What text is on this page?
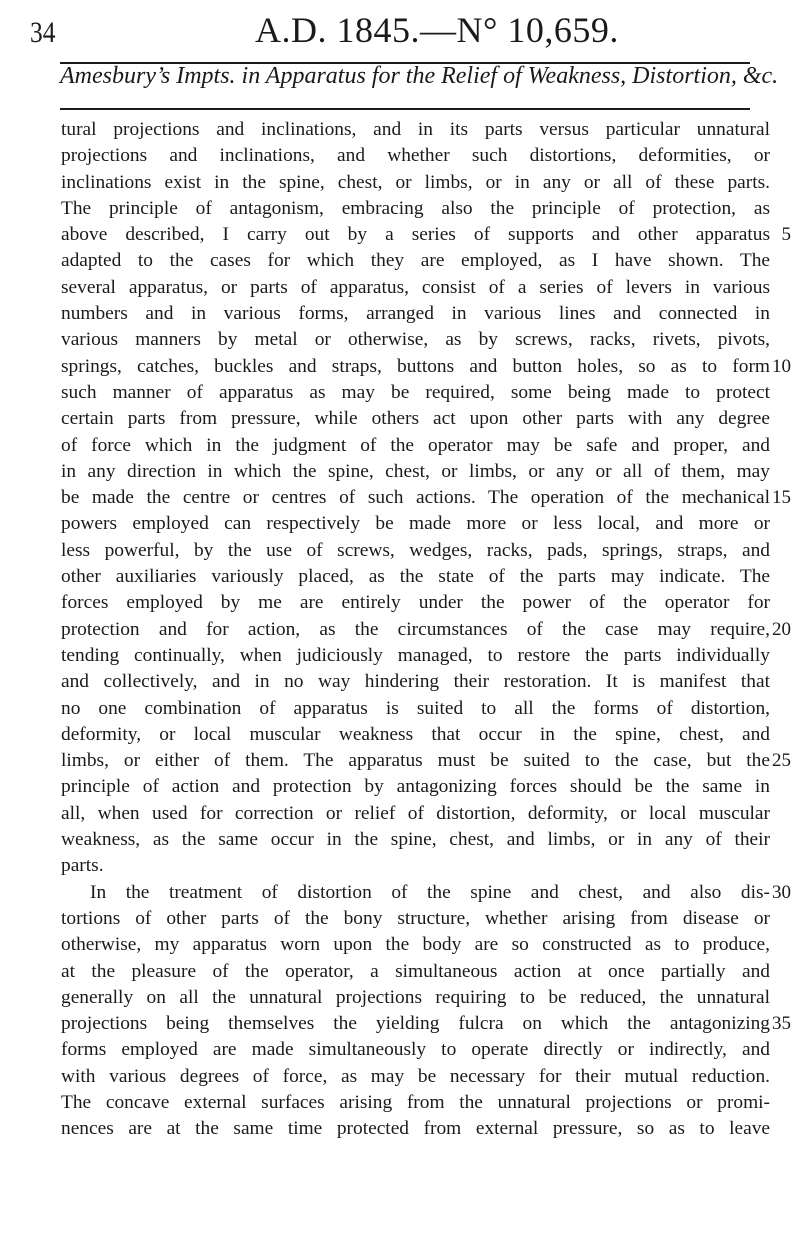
34	A.D. 1845.—N° 10,659.
Amesbury’s Impts. in Apparatus for the Relief of Weakness, Distortion, &c.
tural projections and inclinations, and in its parts versus particular unnatural
projections and inclinations, and whether such distortions, deformities, or
inclinations exist in the spine, chest, or limbs, or in any or all of these parts.
The principle of antagonism, embracing also the principle of protection, as
above described, I carry out by a series of supports and other apparatus 5
adapted to the cases for which they are employed, as I have shown. The
several apparatus, or parts of apparatus, consist of a series of levers in various
numbers and in various forms, arranged in various lines and connected in
various manners by metal or otherwise, as by screws, racks, rivets, pivots,
springs, catches, buckles and straps, buttons and button holes, so as to form 10
such manner of apparatus as may be required, some being made to protect
certain parts from pressure, while others act upon other parts with any degree
of force which in the judgment of the operator may be safe and proper, and
in any direction in which the spine, chest, or limbs, or any or all of them, may
be made the centre or centres of such actions. The operation of the mechanical 15
powers employed can respectively be made more or less local, and more or
less powerful, by the use of screws, wedges, racks, pads, springs, straps, and
other auxiliaries variously placed, as the state of the parts may indicate. The
forces employed by me are entirely under the power of the operator for
protection and for action, as the circumstances of the case may require, 20
tending continually, when judiciously managed, to restore the parts individually
and collectively, and in no way hindering their restoration. It is manifest that
no one combination of apparatus is suited to all the forms of distortion,
deformity, or local muscular weakness that occur in the spine, chest, and
limbs, or either of them. The apparatus must be suited to the case, but the 25
principle of action and protection by antagonizing forces should be the same in
all, when used for correction or relief of distortion, deformity, or local muscular
weakness, as the same occur in the spine, chest, and limbs, or in any of their
parts.
In the treatment of distortion of the spine and chest, and also dis- 30
tortions of other parts of the bony structure, whether arising from disease or
otherwise, my apparatus worn upon the body are so constructed as to produce,
at the pleasure of the operator, a simultaneous action at once partially and
generally on all the unnatural projections requiring to be reduced, the unnatural
projections being themselves the yielding fulcra on which the antagonizing 35
forms employed are made simultaneously to operate directly or indirectly, and
with various degrees of force, as may be necessary for their mutual reduction.
The concave external surfaces arising from the unnatural projections or promi-
nences are at the same time protected from external pressure, so as to leave
